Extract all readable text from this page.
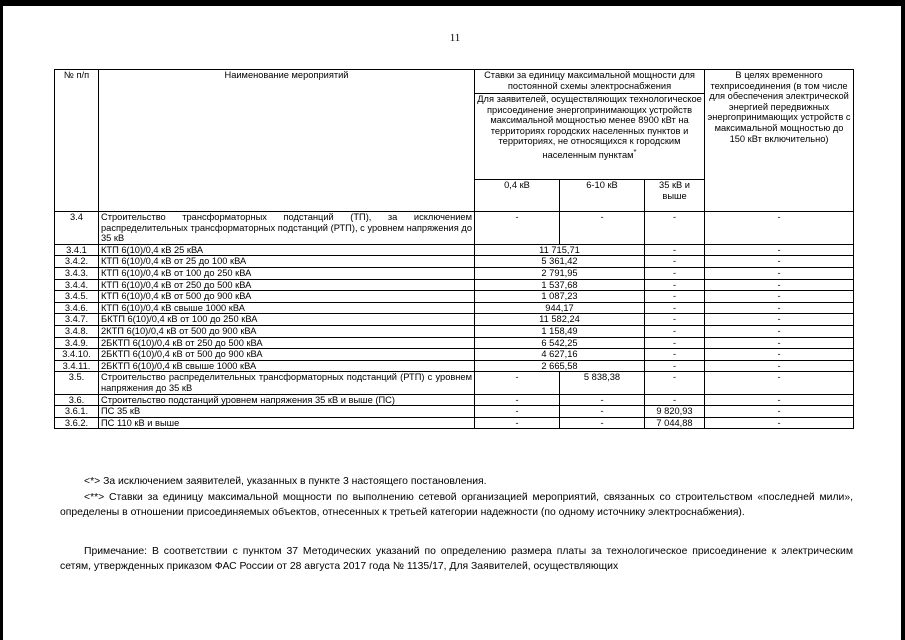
11
№ п/п	Наименование мероприятий	Ставки за единицу максимальной мощности для постоянной схемы электроснабжения			В целях временного техприсоединения (в том числе для обеспечения электрической энергией передвижных энергопринимающих устройств с максимальной мощностью до 150 кВт включительно)
		Для заявителей, осуществляющих технологическое присоединение энергопринимающих устройств максимальной мощностью менее 8900 кВт на территориях городских населенных пунктов и территориях, не относящихся к городским населенным пунктам*
		0,4 кВ	6-10 кВ	35 кВ и выше	
3.4	Строительство трансформаторных подстанций (ТП), за исключением распределительных трансформаторных подстанций (РТП), с уровнем напряжения до 35 кВ	-	-	-	-
3.4.1	КТП 6(10)/0,4 кВ 25 кВА	11 715,71		-	-
3.4.2.	КТП 6(10)/0,4 кВ от 25 до 100 кВА	5 361,42		-	-
3.4.3.	КТП 6(10)/0,4 кВ от 100 до 250 кВА	2 791,95		-	-
3.4.4.	КТП 6(10)/0,4 кВ от 250 до 500 кВА	1 537,68		-	-
3.4.5.	КТП 6(10)/0,4 кВ от 500 до 900 кВА	1 087,23		-	-
3.4.6.	КТП 6(10)/0,4 кВ свыше 1000 кВА	944,17		-	-
3.4.7.	БКТП 6(10)/0,4 кВ от 100 до 250 кВА	11 582,24		-	-
3.4.8.	2КТП 6(10)/0,4 кВ от 500 до 900 кВА	1 158,49		-	-
3.4.9.	2БКТП 6(10)/0,4 кВ от 250 до 500 кВА	6 542,25		-	-
3.4.10.	2БКТП 6(10)/0,4 кВ от 500 до 900 кВА	4 627,16		-	-
3.4.11.	2БКТП 6(10)/0,4 кВ свыше 1000 кВА	2 665,58		-	-
3.5.	Строительство распределительных трансформаторных подстанций (РТП) с уровнем напряжения до 35 кВ	-	5 838,38	-	-
3.6.	Строительство подстанций уровнем напряжения 35 кВ и выше (ПС)	-	-	-	-
3.6.1.	ПС 35 кВ	-	-	9 820,93	-
3.6.2.	ПС 110 кВ и выше	-	-	7 044,88	-

<*> За исключением заявителей, указанных в пункте 3 настоящего постановления.

<**> Ставки за единицу максимальной мощности по выполнению сетевой организацией мероприятий, связанных со строительством «последней мили», определены в отношении присоединяемых объектов, отнесенных к третьей категории надежности (по одному источнику электроснабжения).

Примечание: В соответствии с пунктом 37 Методических указаний по определению размера платы за технологическое присоединение к электрическим сетям, утвержденных приказом ФАС России от 28 августа 2017 года № 1135/17, Для Заявителей, осуществляющих
